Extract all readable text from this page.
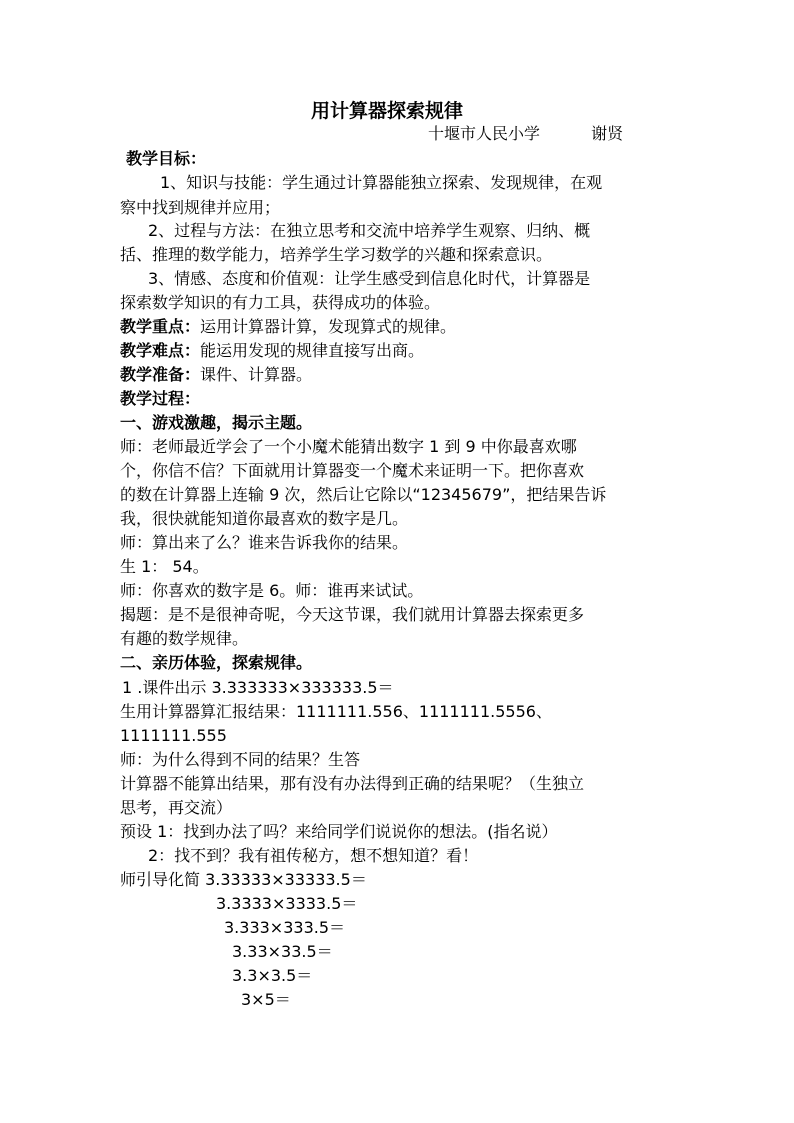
用计算器探索规律
十堰市人民小学	谢贤
教学目标：
1、知识与技能：学生通过计算器能独立探索、发现规律，在观
察中找到规律并应用；
2、过程与方法：在独立思考和交流中培养学生观察、归纳、概
括、推理的数学能力，培养学生学习数学的兴趣和探索意识。
3、情感、态度和价值观：让学生感受到信息化时代，计算器是
探索数学知识的有力工具，获得成功的体验。
教学重点：运用计算器计算，发现算式的规律。
教学难点：能运用发现的规律直接写出商。
教学准备：课件、计算器。
教学过程：
一、游戏激趣，揭示主题。
师：老师最近学会了一个小魔术能猜出数字 1 到 9 中你最喜欢哪
个，你信不信？下面就用计算器变一个魔术来证明一下。把你喜欢
的数在计算器上连输 9 次，然后让它除以“12345679”，把结果告诉
我，很快就能知道你最喜欢的数字是几。
师：算出来了么？谁来告诉我你的结果。
生 1： 54。
师：你喜欢的数字是 6。师：谁再来试试。
揭题：是不是很神奇呢，今天这节课，我们就用计算器去探索更多
有趣的数学规律。
二、亲历体验，探索规律。
1 .课件出示 3.333333×333333.5＝
生用计算器算汇报结果：1111111.556、1111111.5556、
1111111.555
师：为什么得到不同的结果？生答
计算器不能算出结果，那有没有办法得到正确的结果呢？（生独立
思考，再交流）
预设 1：找到办法了吗？来给同学们说说你的想法。(指名说）
2：找不到？我有祖传秘方，想不想知道？看！
师引导化简 3.33333×33333.5＝
3.3333×3333.5＝
3.333×333.5＝
3.33×33.5＝
3.3×3.5＝
3×5＝
